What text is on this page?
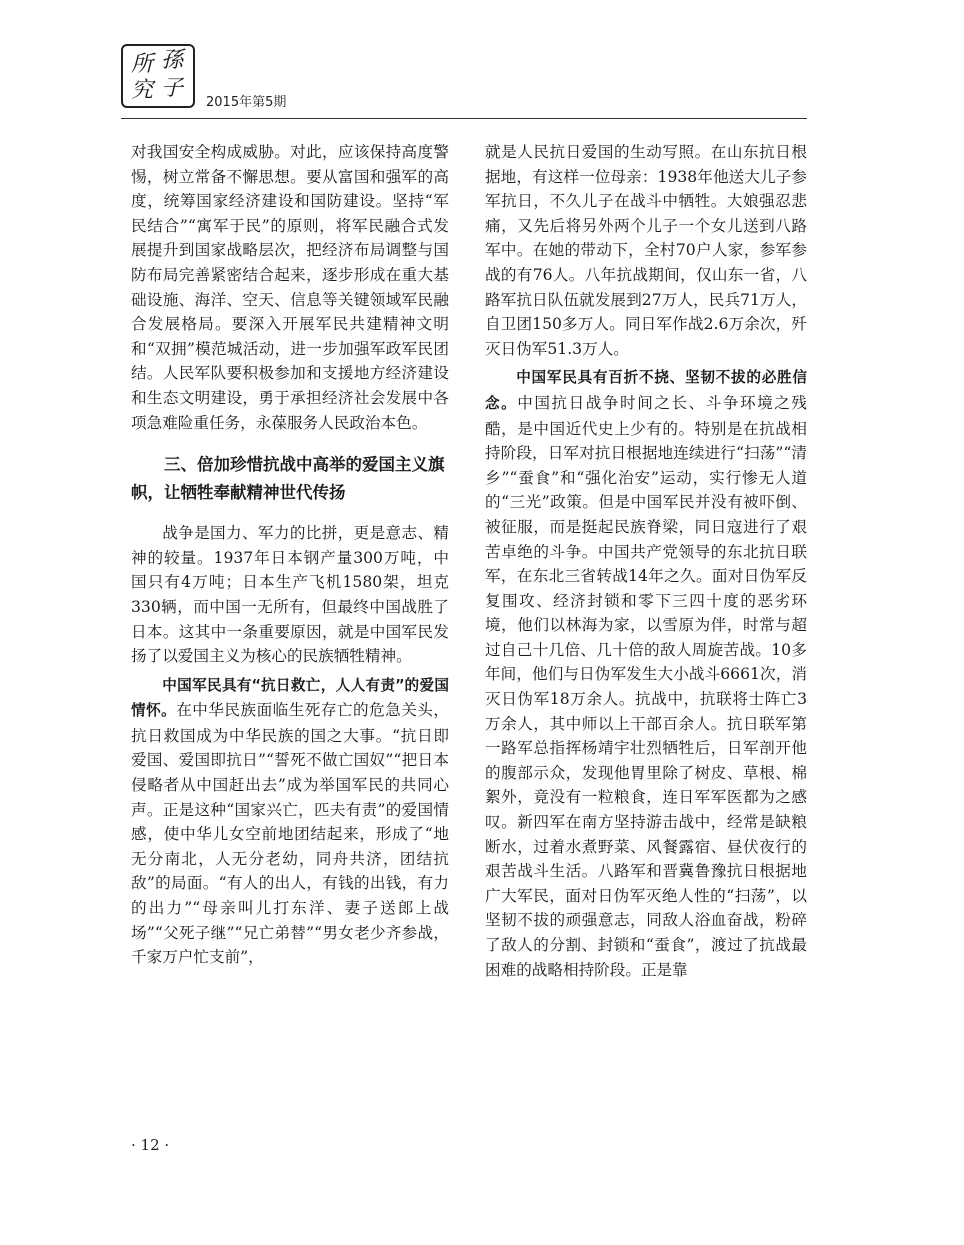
所
究
孫
子
2015年第5期

对我国安全构成威胁。对此，应该保持高度警惕，树立常备不懈思想。要从富国和强军的高度，统筹国家经济建设和国防建设。坚持“军民结合”“寓军于民”的原则，将军民融合式发展提升到国家战略层次，把经济布局调整与国防布局完善紧密结合起来，逐步形成在重大基础设施、海洋、空天、信息等关键领域军民融合发展格局。要深入开展军民共建精神文明和“双拥”模范城活动，进一步加强军政军民团结。人民军队要积极参加和支援地方经济建设和生态文明建设，勇于承担经济社会发展中各项急难险重任务，永葆服务人民政治本色。

三、倍加珍惜抗战中高举的爱国主义旗帜，让牺牲奉献精神世代传扬

战争是国力、军力的比拼，更是意志、精神的较量。1937年日本钢产量300万吨，中国只有4万吨；日本生产飞机1580架，坦克330辆，而中国一无所有，但最终中国战胜了日本。这其中一条重要原因，就是中国军民发扬了以爱国主义为核心的民族牺牲精神。

中国军民具有“抗日救亡，人人有责”的爱国情怀。在中华民族面临生死存亡的危急关头，抗日救国成为中华民族的国之大事。“抗日即爱国、爱国即抗日”“誓死不做亡国奴”“把日本侵略者从中国赶出去”成为举国军民的共同心声。正是这种“国家兴亡，匹夫有责”的爱国情感，使中华儿女空前地团结起来，形成了“地无分南北，人无分老幼，同舟共济，团结抗敌”的局面。“有人的出人，有钱的出钱，有力的出力”“母亲叫儿打东洋、妻子送郎上战场”“父死子继”“兄亡弟替”“男女老少齐参战，千家万户忙支前”，

就是人民抗日爱国的生动写照。在山东抗日根据地，有这样一位母亲：1938年他送大儿子参军抗日，不久儿子在战斗中牺牲。大娘强忍悲痛，又先后将另外两个儿子一个女儿送到八路军中。在她的带动下，全村70户人家，参军参战的有76人。八年抗战期间，仅山东一省，八路军抗日队伍就发展到27万人，民兵71万人，自卫团150多万人。同日军作战2.6万余次，歼灭日伪军51.3万人。

中国军民具有百折不挠、坚韧不拔的必胜信念。中国抗日战争时间之长、斗争环境之残酷，是中国近代史上少有的。特别是在抗战相持阶段，日军对抗日根据地连续进行“扫荡”“清乡”“蚕食”和“强化治安”运动，实行惨无人道的“三光”政策。但是中国军民并没有被吓倒、被征服，而是挺起民族脊梁，同日寇进行了艰苦卓绝的斗争。中国共产党领导的东北抗日联军，在东北三省转战14年之久。面对日伪军反复围攻、经济封锁和零下三四十度的恶劣环境，他们以林海为家，以雪原为伴，时常与超过自己十几倍、几十倍的敌人周旋苦战。10多年间，他们与日伪军发生大小战斗6661次，消灭日伪军18万余人。抗战中，抗联将士阵亡3万余人，其中师以上干部百余人。抗日联军第一路军总指挥杨靖宇壮烈牺牲后，日军剖开他的腹部示众，发现他胃里除了树皮、草根、棉絮外，竟没有一粒粮食，连日军军医都为之感叹。新四军在南方坚持游击战中，经常是缺粮断水，过着水煮野菜、风餐露宿、昼伏夜行的艰苦战斗生活。八路军和晋冀鲁豫抗日根据地广大军民，面对日伪军灭绝人性的“扫荡”，以坚韧不拔的顽强意志，同敌人浴血奋战，粉碎了敌人的分割、封锁和“蚕食”，渡过了抗战最困难的战略相持阶段。正是靠

· 12 ·
